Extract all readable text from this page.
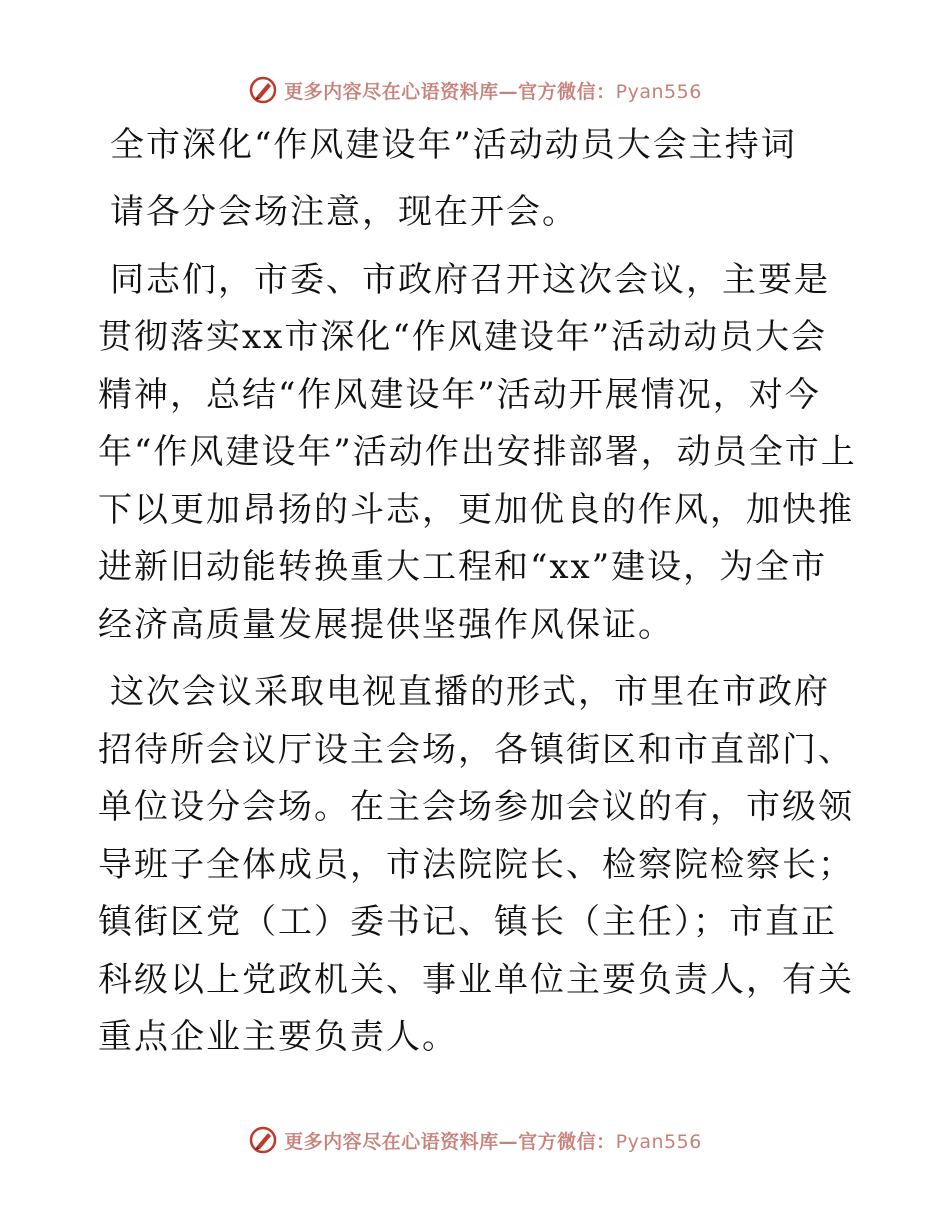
更多内容尽在心语资料库—官方微信：Pyan556
全市深化“作风建设年”活动动员大会主持词

请各分会场注意，现在开会。

同志们，市委、市政府召开这次会议，主要是贯彻落实xx市深化“作风建设年”活动动员大会精神，总结“作风建设年”活动开展情况，对今年“作风建设年”活动作出安排部署，动员全市上下以更加昂扬的斗志，更加优良的作风，加快推进新旧动能转换重大工程和“xx”建设，为全市经济高质量发展提供坚强作风保证。

这次会议采取电视直播的形式，市里在市政府招待所会议厅设主会场，各镇街区和市直部门、单位设分会场。在主会场参加会议的有，市级领导班子全体成员，市法院院长、检察院检察长；镇街区党（工）委书记、镇长（主任）；市直正科级以上党政机关、事业单位主要负责人，有关重点企业主要负责人。

更多内容尽在心语资料库—官方微信：Pyan556
